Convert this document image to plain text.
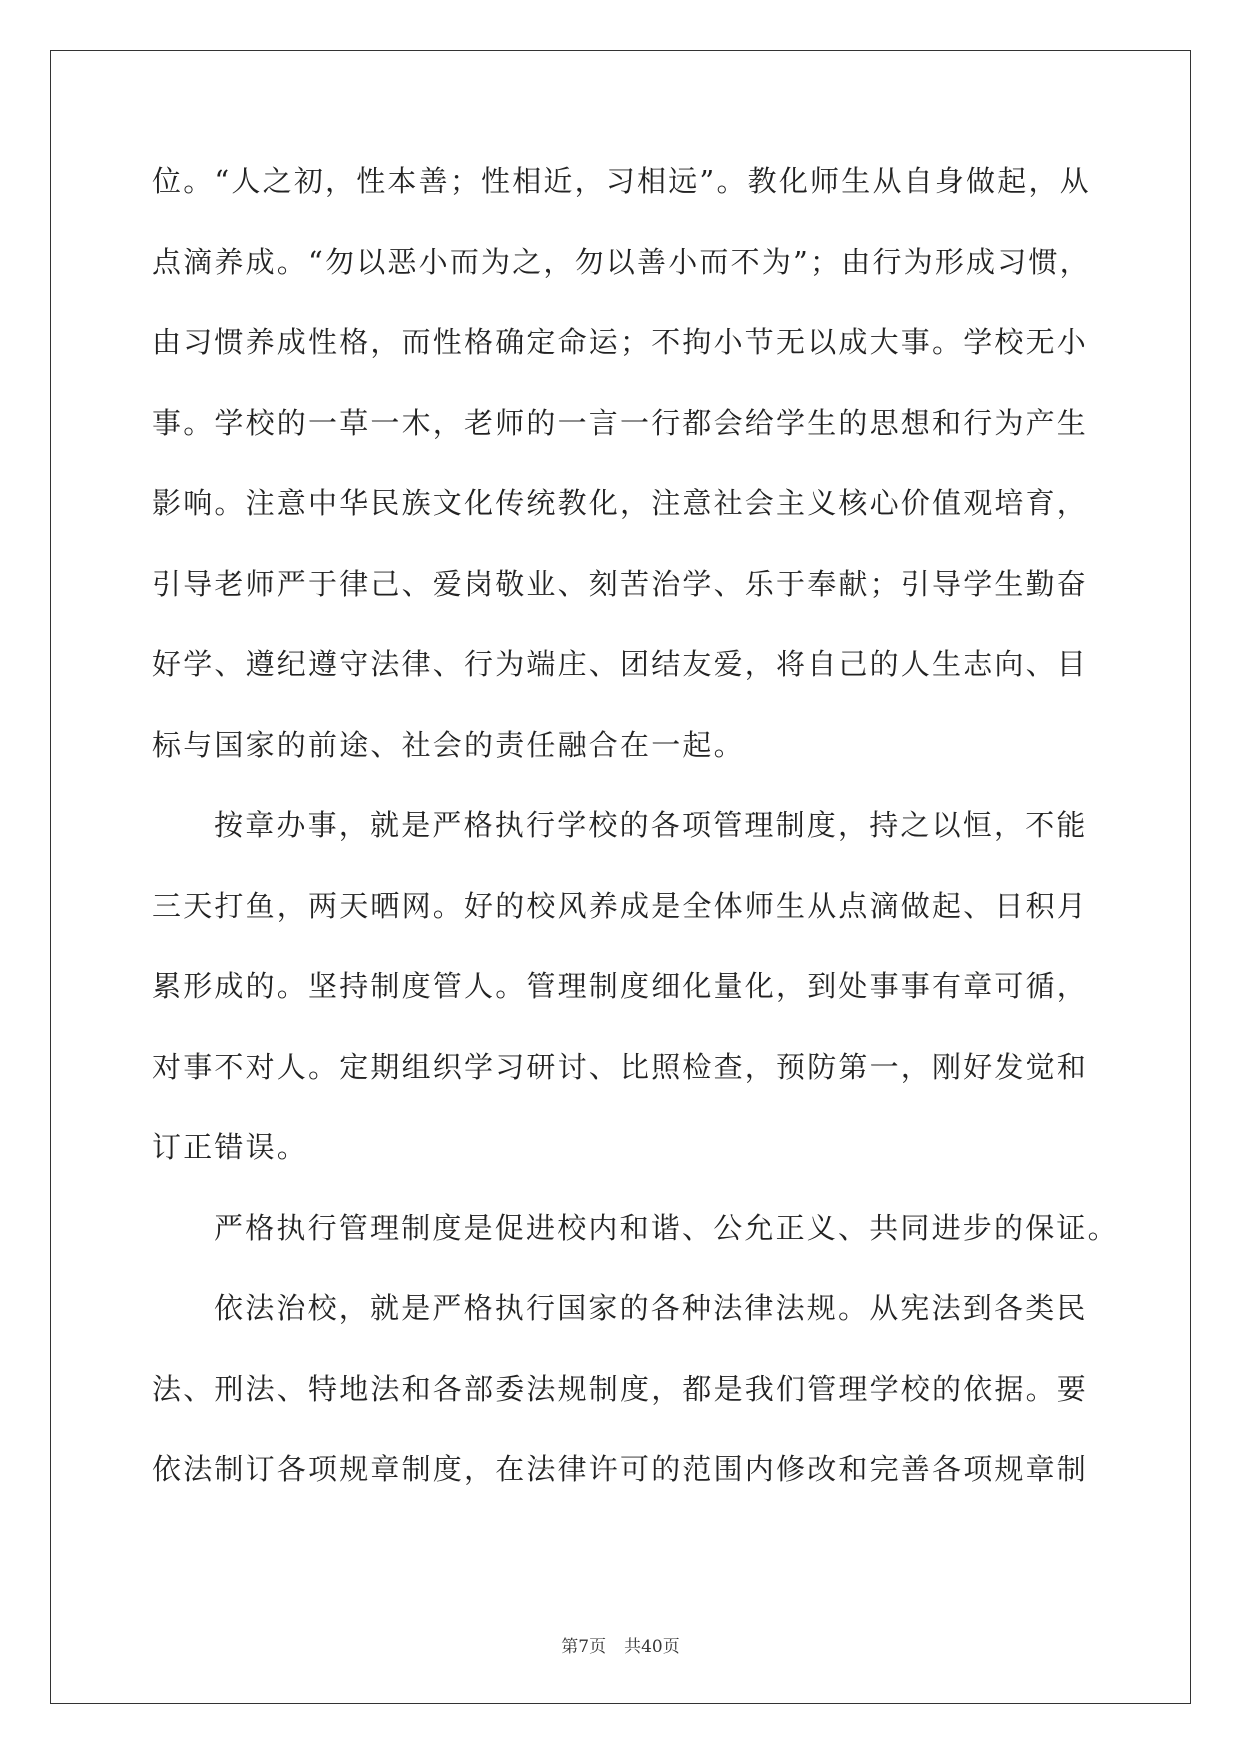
位。“人之初，性本善；性相近，习相远”。教化师生从自身做起，从
点滴养成。“勿以恶小而为之，勿以善小而不为”；由行为形成习惯，
由习惯养成性格，而性格确定命运；不拘小节无以成大事。学校无小
事。学校的一草一木，老师的一言一行都会给学生的思想和行为产生
影响。注意中华民族文化传统教化，注意社会主义核心价值观培育，
引导老师严于律己、爱岗敬业、刻苦治学、乐于奉献；引导学生勤奋
好学、遵纪遵守法律、行为端庄、团结友爱，将自己的人生志向、目
标与国家的前途、社会的责任融合在一起。
按章办事，就是严格执行学校的各项管理制度，持之以恒，不能
三天打鱼，两天晒网。好的校风养成是全体师生从点滴做起、日积月
累形成的。坚持制度管人。管理制度细化量化，到处事事有章可循，
对事不对人。定期组织学习研讨、比照检查，预防第一，刚好发觉和
订正错误。
严格执行管理制度是促进校内和谐、公允正义、共同进步的保证。
依法治校，就是严格执行国家的各种法律法规。从宪法到各类民
法、刑法、特地法和各部委法规制度，都是我们管理学校的依据。要
依法制订各项规章制度，在法律许可的范围内修改和完善各项规章制
第7页 共40页
